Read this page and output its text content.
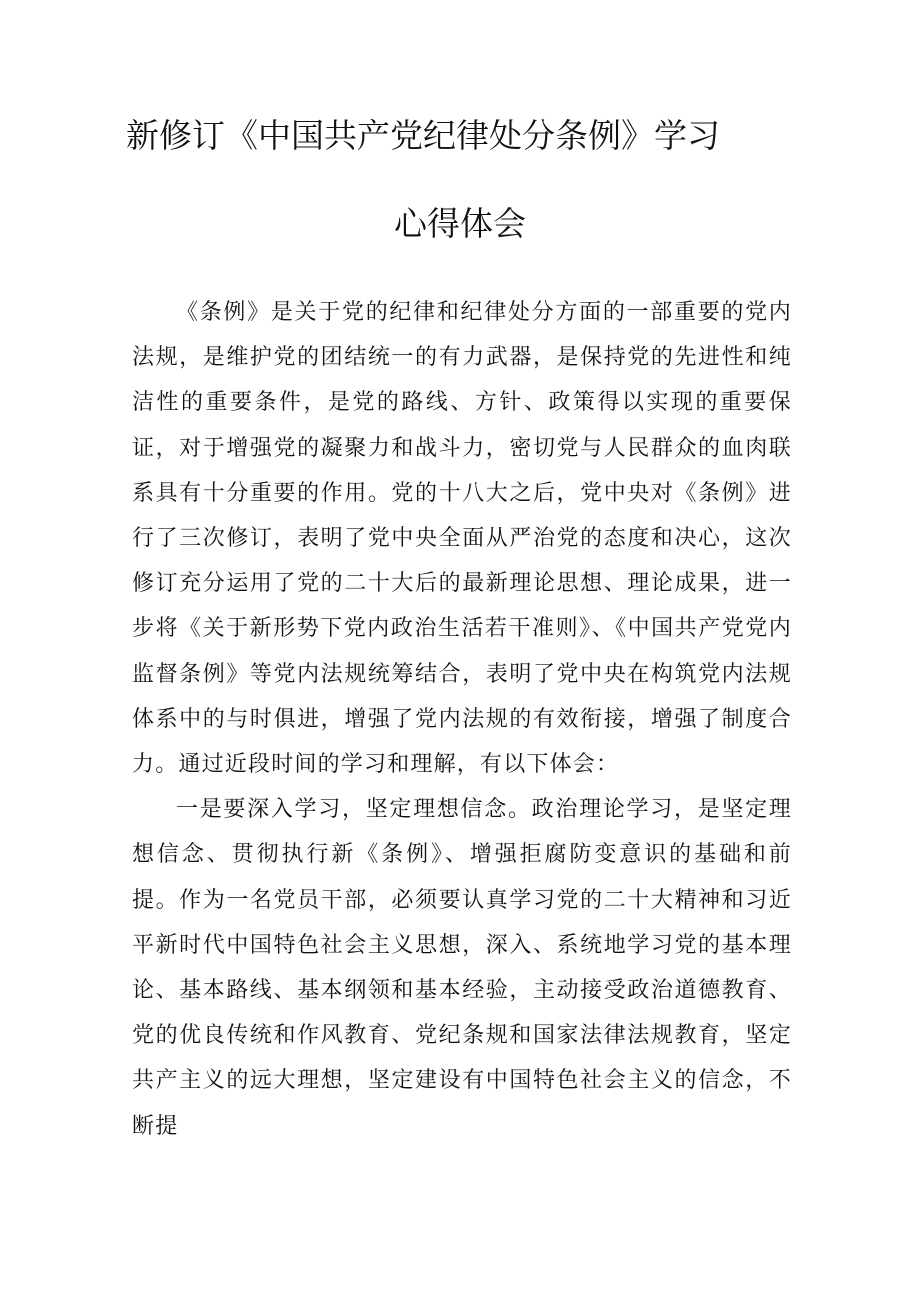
新修订《中国共产党纪律处分条例》学习
心得体会

《条例》是关于党的纪律和纪律处分方面的一部重要的党内法规，是维护党的团结统一的有力武器，是保持党的先进性和纯洁性的重要条件，是党的路线、方针、政策得以实现的重要保证，对于增强党的凝聚力和战斗力，密切党与人民群众的血肉联系具有十分重要的作用。党的十八大之后，党中央对《条例》进行了三次修订，表明了党中央全面从严治党的态度和决心，这次修订充分运用了党的二十大后的最新理论思想、理论成果，进一步将《关于新形势下党内政治生活若干准则》、《中国共产党党内监督条例》等党内法规统筹结合，表明了党中央在构筑党内法规体系中的与时俱进，增强了党内法规的有效衔接，增强了制度合力。通过近段时间的学习和理解，有以下体会：

一是要深入学习，坚定理想信念。政治理论学习，是坚定理想信念、贯彻执行新《条例》、增强拒腐防变意识的基础和前提。作为一名党员干部，必须要认真学习党的二十大精神和习近平新时代中国特色社会主义思想，深入、系统地学习党的基本理论、基本路线、基本纲领和基本经验，主动接受政治道德教育、党的优良传统和作风教育、党纪条规和国家法律法规教育，坚定共产主义的远大理想，坚定建设有中国特色社会主义的信念，不断提
